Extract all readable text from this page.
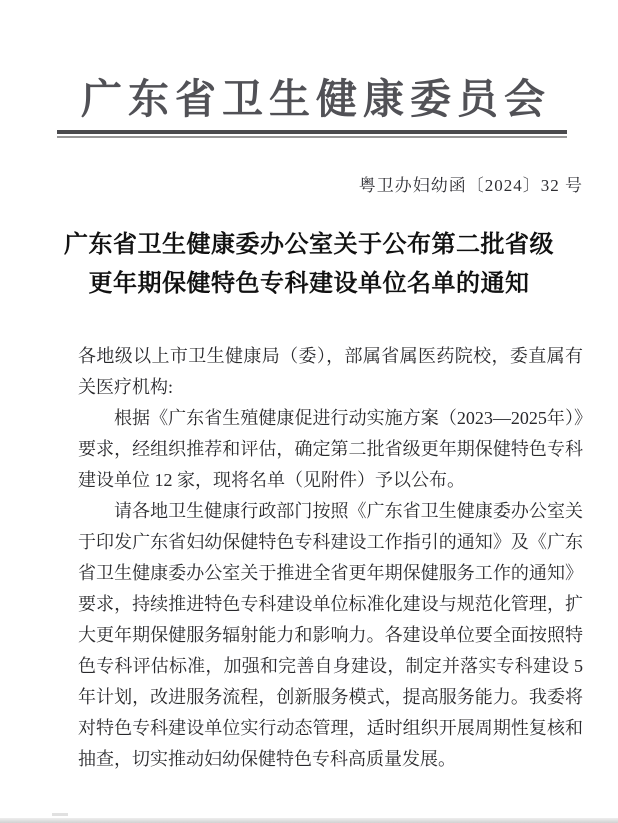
广东省卫生健康委员会
粤卫办妇幼函〔2024〕32 号
广东省卫生健康委办公室关于公布第二批省级
更年期保健特色专科建设单位名单的通知

各地级以上市卫生健康局（委），部属省属医药院校，委直属有关医疗机构:

根据《广东省生殖健康促进行动实施方案（2023—2025年）》要求，经组织推荐和评估，确定第二批省级更年期保健特色专科建设单位 12 家，现将名单（见附件）予以公布。

请各地卫生健康行政部门按照《广东省卫生健康委办公室关于印发广东省妇幼保健特色专科建设工作指引的通知》及《广东省卫生健康委办公室关于推进全省更年期保健服务工作的通知》要求，持续推进特色专科建设单位标准化建设与规范化管理，扩大更年期保健服务辐射能力和影响力。各建设单位要全面按照特色专科评估标准，加强和完善自身建设，制定并落实专科建设 5 年计划，改进服务流程，创新服务模式，提高服务能力。我委将对特色专科建设单位实行动态管理，适时组织开展周期性复核和抽查，切实推动妇幼保健特色专科高质量发展。
